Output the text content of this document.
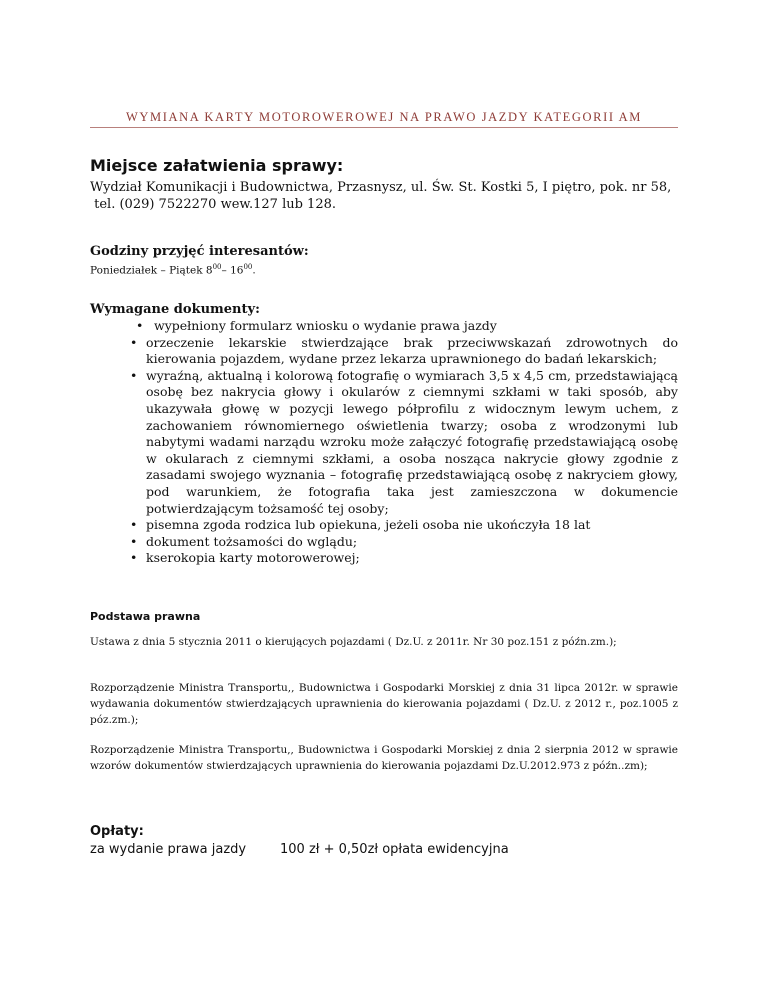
WYMIANA KARTY MOTOROWEROWEJ NA PRAWO JAZDY KATEGORII AM
Miejsce załatwienia sprawy:
Wydział Komunikacji i Budownictwa, Przasnysz, ul. Św. St. Kostki 5, I piętro, pok. nr 58,
tel. (029) 7522270 wew.127 lub 128.
Godziny przyjęć interesantów:
Poniedziałek – Piątek $8^{00}-$ $16^{00}$.
Wymagane dokumenty:
• wypełniony formularz wniosku o wydanie prawa jazdy
• orzeczenie lekarskie stwierdzające brak przeciwwskazań zdrowotnych do kierowania pojazdem, wydane przez lekarza uprawnionego do badań lekarskich;
• wyraźną, aktualną i kolorową fotografię o wymiarach 3,5 x 4,5 cm, przedstawiającą osobę bez nakrycia głowy i okularów z ciemnymi szkłami w taki sposób, aby ukazywała głowę w pozycji lewego półprofilu z widocznym lewym uchem, z zachowaniem równomiernego oświetlenia twarzy; osoba z wrodzonymi lub nabytymi wadami narządu wzroku może załączyć fotografię przedstawiającą osobę w okularach z ciemnymi szkłami, a osoba nosząca nakrycie głowy zgodnie z zasadami swojego wyznania – fotografię przedstawiającą osobę z nakryciem głowy, pod warunkiem, że fotografia taka jest zamieszczona w dokumencie potwierdzającym tożsamość tej osoby;
• pisemna zgoda rodzica lub opiekuna, jeżeli osoba nie ukończyła 18 lat
• dokument tożsamości do wglądu;
• kserokopia karty motorowerowej;
Podstawa prawna
Ustawa z dnia 5 stycznia 2011 o kierujących pojazdami ( Dz.U. z 2011r. Nr 30 poz.151 z późn.zm.);
Rozporządzenie Ministra Transportu,, Budownictwa i Gospodarki Morskiej z dnia 31 lipca 2012r. w sprawie wydawania dokumentów stwierdzających uprawnienia do kierowania pojazdami ( Dz.U. z 2012 r., poz.1005 z póz.zm.);
Rozporządzenie Ministra Transportu,, Budownictwa i Gospodarki Morskiej z dnia 2 sierpnia 2012 w sprawie wzorów dokumentów stwierdzających uprawnienia do kierowania pojazdami Dz.U.2012.973 z późn..zm);
Opłaty:
za wydanie prawa jazdy	100 zł + 0,50zł opłata ewidencyjna
